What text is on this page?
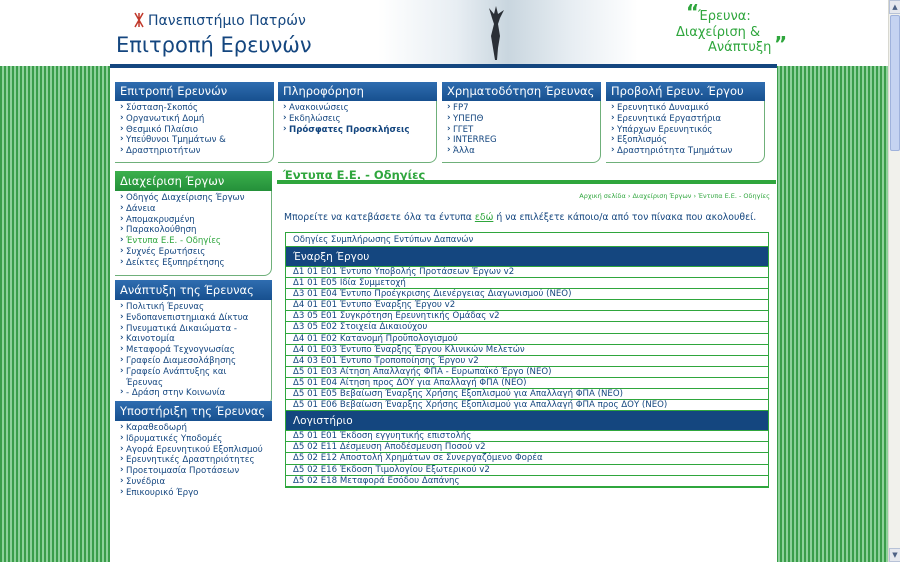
Πανεπιστήμιο Πατρών
Επιτροπή Ερευνών
“
Έρευνα:
Διαχείριση &
Ανάπτυξη ”
Επιτροπή Ερευνών
› Σύσταση-Σκοπός
› Οργανωτική Δομή
› Θεσμικό Πλαίσιο
› Υπεύθυνοι Τμημάτων &
› Δραστηριοτήτων
Πληροφόρηση
› Ανακοινώσεις
› Εκδηλώσεις
› Πρόσφατες Προσκλήσεις
Χρηματοδότηση Έρευνας
› FP7
› ΥΠΕΠΘ
› ΓΓΕΤ
› INTERREG
› Άλλα
Προβολή Ερευν. Έργου
› Ερευνητικό Δυναμικό
› Ερευνητικά Εργαστήρια
› Υπάρχων Ερευνητικός
› Εξοπλισμός
› Δραστηριότητα Τμημάτων
Διαχείριση Έργων
› Οδηγός Διαχείρισης Έργων
› Δάνεια
› Απομακρυσμένη
› Παρακολούθηση
› Έντυπα Ε.Ε. - Οδηγίες
› Συχνές Ερωτήσεις
› Δείκτες Εξυπηρέτησης
Ανάπτυξη της Έρευνας
› Πολιτική Έρευνας
› Ενδοπανεπιστημιακά Δίκτυα
› Πνευματικά Δικαιώματα -
› Καινοτομία
› Μεταφορά Τεχνογνωσίας
› Γραφείο Διαμεσολάβησης
› Γραφείο Ανάπτυξης και Έρευνας
› - Δράση στην Κοινωνία
Υποστήριξη της Έρευνας
› Καραθεοδωρή
› Ιδρυματικές Υποδομές
› Αγορά Ερευνητικού Εξοπλισμού
› Ερευνητικές Δραστηριότητες
› Προετοιμασία Προτάσεων
› Συνέδρια
› Επικουρικό Έργο
Έντυπα Ε.Ε. - Οδηγίες
Αρχική σελίδα › Διαχείριση Έργων › Έντυπα Ε.Ε. - Οδηγίες
Μπορείτε να κατεβάσετε όλα τα έντυπα εδώ ή να επιλέξετε κάποιο/α από τον πίνακα που ακολουθεί.
Οδηγίες Συμπλήρωσης Εντύπων Δαπανών
Έναρξη Έργου
Δ1 01 Ε01 Έντυπο Υποβολής Προτάσεων Έργων v2
Δ1 01 Ε05 Ιδία Συμμετοχή
Δ3 01 Ε04 Έντυπο Προέγκρισης Διενέργειας Διαγωνισμού (ΝΕΟ)
Δ4 01 Ε01 Έντυπο Έναρξης Έργου v2
Δ3 05 Ε01 Συγκρότηση Ερευνητικής Ομάδας v2
Δ3 05 Ε02 Στοιχεία Δικαιούχου
Δ4 01 Ε02 Κατανομή Προϋπολογισμού
Δ4 01 Ε03 Έντυπο Έναρξης Έργου Κλινικών Μελετών
Δ4 03 Ε01 Έντυπο Τροποποίησης Έργου v2
Δ5 01 Ε03 Αίτηση Απαλλαγής ΦΠΑ - Ευρωπαϊκό Έργο (ΝΕΟ)
Δ5 01 Ε04 Αίτηση προς ΔΟΥ για Απαλλαγή ΦΠΑ (ΝΕΟ)
Δ5 01 Ε05 Βεβαίωση Έναρξης Χρήσης Εξοπλισμού για Απαλλαγή ΦΠΑ (ΝΕΟ)
Δ5 01 Ε06 Βεβαίωση Έναρξης Χρήσης Εξοπλισμού για Απαλλαγή ΦΠΑ προς ΔΟΥ (ΝΕΟ)
Λογιστήριο
Δ5 01 Ε01 Έκδοση εγγυητικής επιστολής
Δ5 02 Ε11 Δέσμευση Αποδέσμευση Ποσού v2
Δ5 02 Ε12 Αποστολή Χρημάτων σε Συνεργαζόμενο Φορέα
Δ5 02 Ε16 Έκδοση Τιμολογίου Εξωτερικού v2
Δ5 02 Ε18 Μεταφορά Εσόδου Δαπάνης
▲
▼
